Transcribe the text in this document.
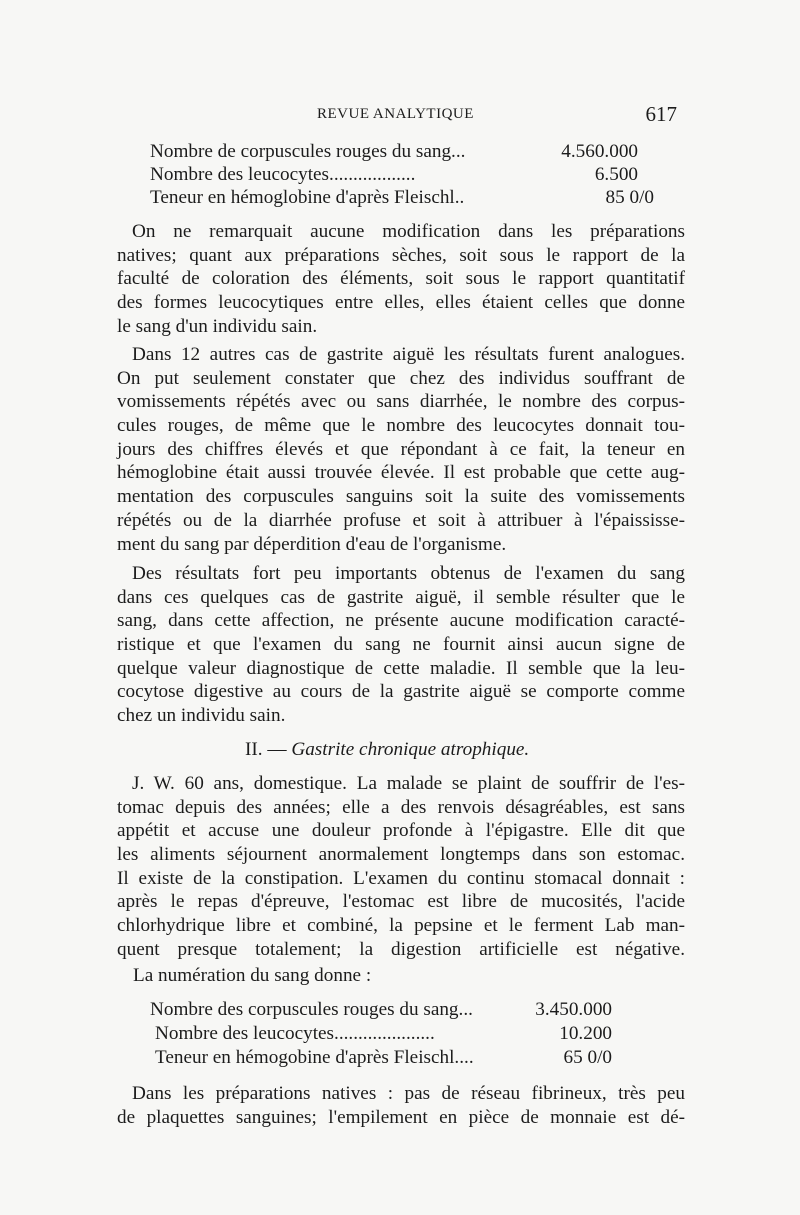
REVUE ANALYTIQUE	617
Nombre de corpuscules rouges du sang...	4.560.000
Nombre des leucocytes..................	6.500
Teneur en hémoglobine d'après Fleischl..	85 0/0
On ne remarquait aucune modification dans les préparations
natives; quant aux préparations sèches, soit sous le rapport de la
faculté de coloration des éléments, soit sous le rapport quantitatif
des formes leucocytiques entre elles, elles étaient celles que donne
le sang d'un individu sain.
Dans 12 autres cas de gastrite aiguë les résultats furent analogues.
On put seulement constater que chez des individus souffrant de
vomissements répétés avec ou sans diarrhée, le nombre des corpus-
cules rouges, de même que le nombre des leucocytes donnait tou-
jours des chiffres élevés et que répondant à ce fait, la teneur en
hémoglobine était aussi trouvée élevée. Il est probable que cette aug-
mentation des corpuscules sanguins soit la suite des vomissements
répétés ou de la diarrhée profuse et soit à attribuer à l'épaississe-
ment du sang par déperdition d'eau de l'organisme.
Des résultats fort peu importants obtenus de l'examen du sang
dans ces quelques cas de gastrite aiguë, il semble résulter que le
sang, dans cette affection, ne présente aucune modification caracté-
ristique et que l'examen du sang ne fournit ainsi aucun signe de
quelque valeur diagnostique de cette maladie. Il semble que la leu-
cocytose digestive au cours de la gastrite aiguë se comporte comme
chez un individu sain.
II. — Gastrite chronique atrophique.
J. W. 60 ans, domestique. La malade se plaint de souffrir de l'es-
tomac depuis des années; elle a des renvois désagréables, est sans
appétit et accuse une douleur profonde à l'épigastre. Elle dit que
les aliments séjournent anormalement longtemps dans son estomac.
Il existe de la constipation. L'examen du continu stomacal donnait :
après le repas d'épreuve, l'estomac est libre de mucosités, l'acide
chlorhydrique libre et combiné, la pepsine et le ferment Lab man-
quent presque totalement; la digestion artificielle est négative.
La numération du sang donne :
Nombre des corpuscules rouges du sang...	3.450.000
Nombre des leucocytes.....................	10.200
Teneur en hémogobine d'après Fleischl....	65 0/0
Dans les préparations natives : pas de réseau fibrineux, très peu
de plaquettes sanguines; l'empilement en pièce de monnaie est dé-
